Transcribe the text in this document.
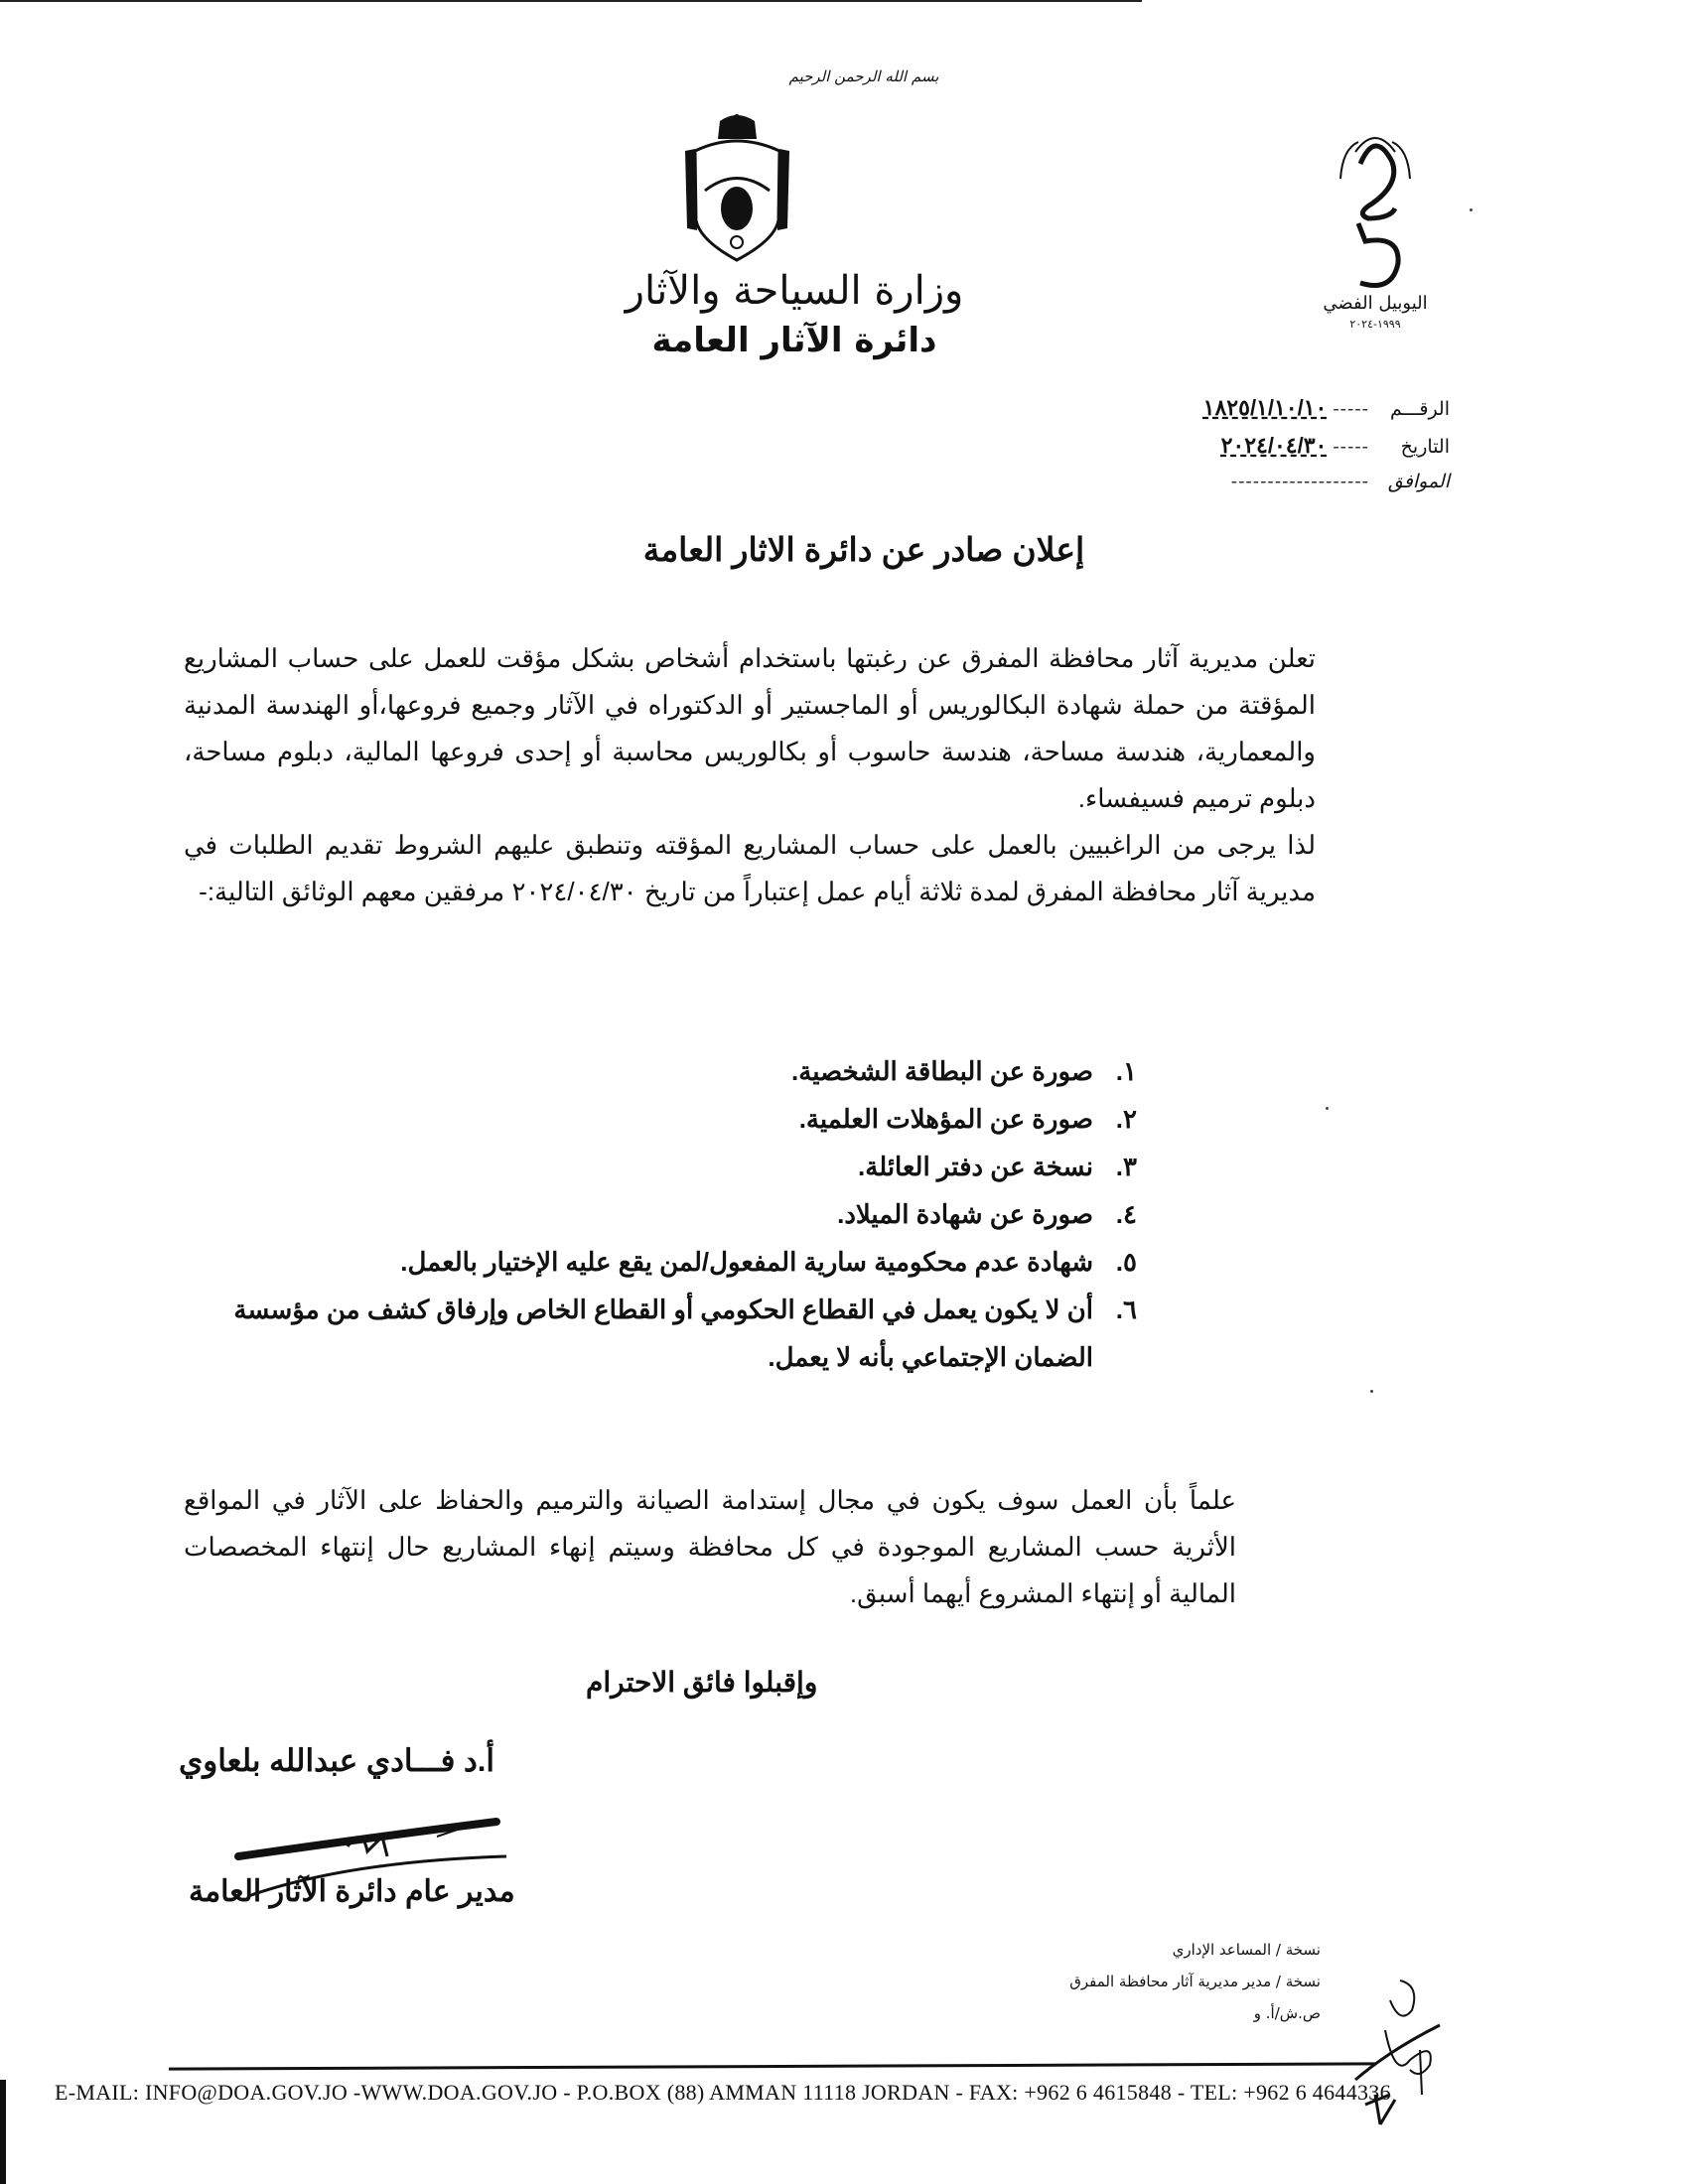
بسم الله الرحمن الرحيم
وزارة السياحة والآثار
دائرة الآثار العامة
اليوبيل الفضي
١٩٩٩-٢٠٢٤
الرقـــم
-----
١٨٢٥/١/١٠/١٠
التاريخ
-----
٢٠٢٤/٠٤/٣٠
الموافق
-------------------
إعلان صادر عن دائرة الاثار العامة

تعلن مديرية آثار محافظة المفرق عن رغبتها باستخدام أشخاص بشكل مؤقت للعمل على حساب المشاريع المؤقتة من حملة شهادة البكالوريس أو الماجستير أو الدكتوراه في الآثار وجميع فروعها،أو الهندسة المدنية والمعمارية، هندسة مساحة، هندسة حاسوب أو بكالوريس محاسبة أو إحدى فروعها المالية، دبلوم مساحة، دبلوم ترميم فسيفساء.

لذا يرجى من الراغبيين بالعمل على حساب المشاريع المؤقته وتنطبق عليهم الشروط تقديم الطلبات في مديرية آثار محافظة المفرق لمدة ثلاثة أيام عمل إعتباراً من تاريخ ٢٠٢٤/٠٤/٣٠ مرفقين معهم الوثائق التالية:-

١.
صورة عن البطاقة الشخصية.
٢.
صورة عن المؤهلات العلمية.
٣.
نسخة عن دفتر العائلة.
٤.
صورة عن شهادة الميلاد.
٥.
شهادة عدم محكومية سارية المفعول/لمن يقع عليه الإختيار بالعمل.
٦.
أن لا يكون يعمل في القطاع الحكومي أو القطاع الخاص وإرفاق كشف من مؤسسة الضمان الإجتماعي بأنه لا يعمل.
علماً بأن العمل سوف يكون في مجال إستدامة الصيانة والترميم والحفاظ على الآثار في المواقع الأثرية حسب المشاريع الموجودة في كل محافظة وسيتم إنهاء المشاريع حال إنتهاء المخصصات المالية أو إنتهاء المشروع أيهما أسبق.
وإقبلوا فائق الاحترام
أ.د فـــادي عبدالله بلعاوي
مدير عام دائرة الآثار العامة
نسخة / المساعد الإداري
نسخة / مدير مديرية آثار محافظة المفرق
ص.ش/أ. و
E-MAIL: INFO@DOA.GOV.JO -WWW.DOA.GOV.JO - P.O.BOX (88) AMMAN 11118 JORDAN - FAX: +962 6 4615848 - TEL: +962 6 4644336
